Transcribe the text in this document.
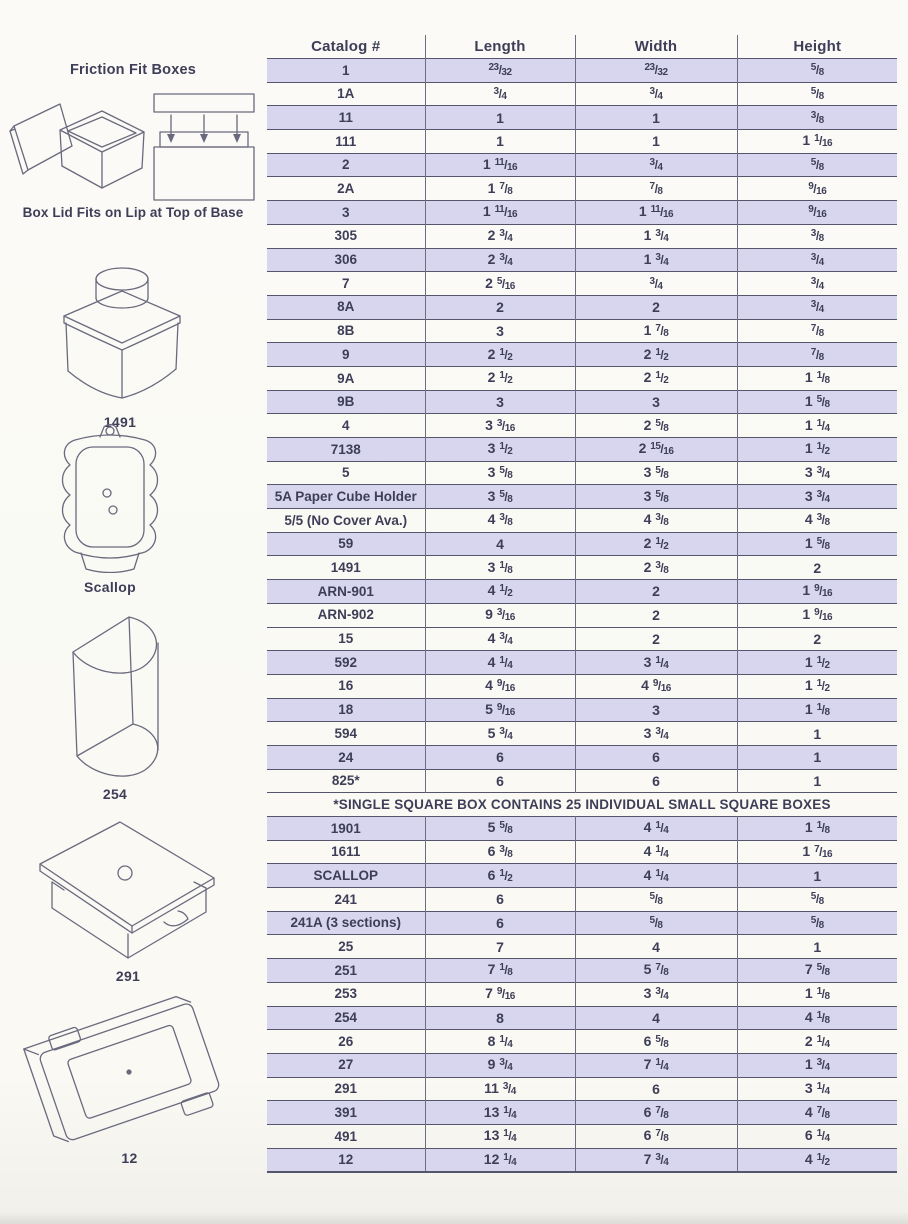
Friction Fit Boxes
Box Lid Fits on Lip at Top of Base
1491
Scallop
254
291
12
Catalog #	Length	Width	Height
1	$^{23}$/32	$^{23}$/32	$^5$/8
1A	$^3$/4	$^3$/4	$^5$/8
11	1	1	$^3$/8
111	1	1	1 $^1$/16
2	1 $^{11}$/16	$^3$/4	$^5$/8
2A	1 $^7$/8	$^7$/8	$^9$/16
3	1 $^{11}$/16	1 $^{11}$/16	$^9$/16
305	2 $^3$/4	1 $^3$/4	$^3$/8
306	2 $^3$/4	1 $^3$/4	$^3$/4
7	2 $^5$/16	$^3$/4	$^3$/4
8A	2	2	$^3$/4
8B	3	1 $^7$/8	$^7$/8
9	2 $^1$/2	2 $^1$/2	$^7$/8
9A	2 $^1$/2	2 $^1$/2	1 $^1$/8
9B	3	3	1 $^5$/8
4	3 $^3$/16	2 $^5$/8	1 $^1$/4
7138	3 $^1$/2	2 $^{15}$/16	1 $^1$/2
5	3 $^5$/8	3 $^5$/8	3 $^3$/4
5A Paper Cube Holder	3 $^5$/8	3 $^5$/8	3 $^3$/4
5/5 (No Cover Ava.)	4 $^3$/8	4 $^3$/8	4 $^3$/8
59	4	2 $^1$/2	1 $^5$/8
1491	3 $^1$/8	2 $^3$/8	2
ARN-901	4 $^1$/2	2	1 $^9$/16
ARN-902	9 $^3$/16	2	1 $^9$/16
15	4 $^3$/4	2	2
592	4 $^1$/4	3 $^1$/4	1 $^1$/2
16	4 $^9$/16	4 $^9$/16	1 $^1$/2
18	5 $^9$/16	3	1 $^1$/8
594	5 $^3$/4	3 $^3$/4	1
24	6	6	1
825*	6	6	1
*SINGLE SQUARE BOX CONTAINS 25 INDIVIDUAL SMALL SQUARE BOXES			
1901	5 $^5$/8	4 $^1$/4	1 $^1$/8
1611	6 $^3$/8	4 $^1$/4	1 $^7$/16
SCALLOP	6 $^1$/2	4 $^1$/4	1
241	6	$^5$/8	$^5$/8
241A (3 sections)	6	$^5$/8	$^5$/8
25	7	4	1
251	7 $^1$/8	5 $^7$/8	7 $^5$/8
253	7 $^9$/16	3 $^3$/4	1 $^1$/8
254	8	4	4 $^1$/8
26	8 $^1$/4	6 $^5$/8	2 $^1$/4
27	9 $^3$/4	7 $^1$/4	1 $^3$/4
291	11 $^3$/4	6	3 $^1$/4
391	13 $^1$/4	6 $^7$/8	4 $^7$/8
491	13 $^1$/4	6 $^7$/8	6 $^1$/4
12	12 $^1$/4	7 $^3$/4	4 $^1$/2
